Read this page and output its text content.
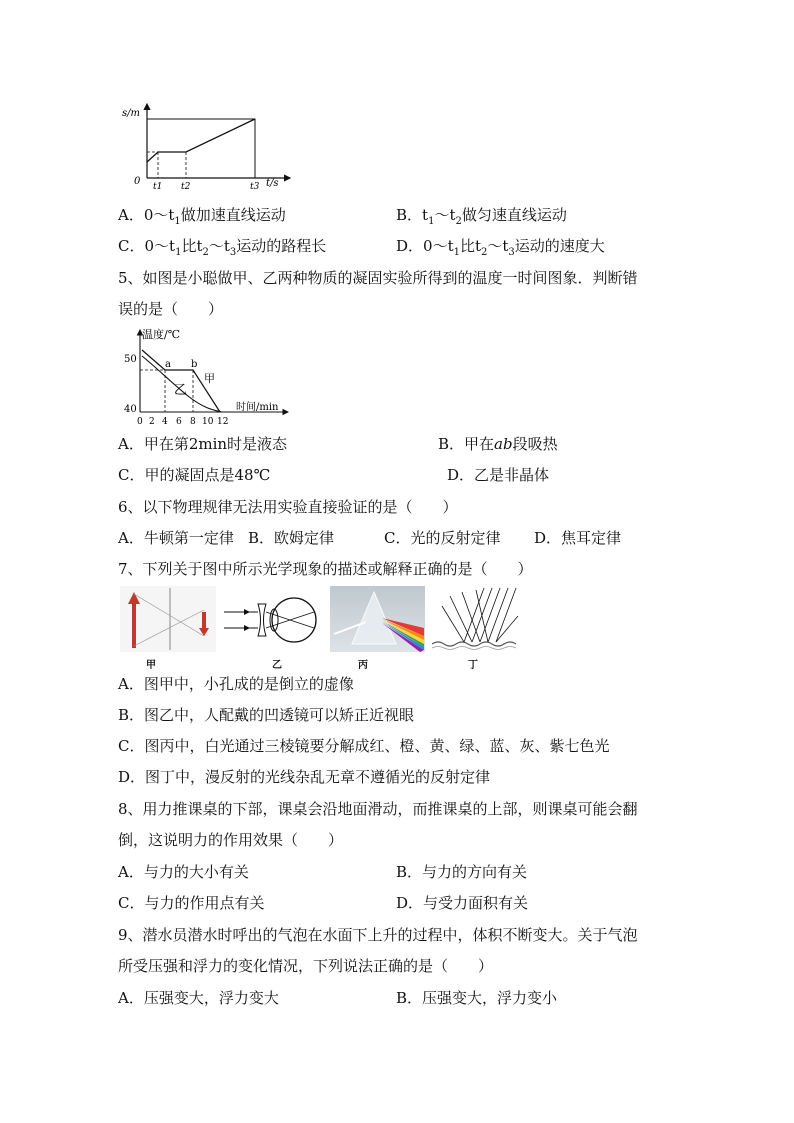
s/m
t/s
0 t1 t2	t3
A．$0\sim t_1$做加速直线运动	B．$t_1\sim t_2$做匀速直线运动
C．$0\sim t_1$比$t_2\sim t_3$运动的路程长	D．$0\sim t_1$比$t_2\sim t_3$运动的速度大
5、如图是小聪做甲、乙两种物质的凝固实验所得到的温度一时间图象．判断错
误的是（　　）
温度/℃
时间/min
50
40
a b
甲
乙
0 2 4 6 8 10 12
A．甲在第2min时是液态	B．甲在ab段吸热
C．甲的凝固点是48℃	D．乙是非晶体
6、以下物理规律无法用实验直接验证的是（　　）
A．牛顿第一定律 B．欧姆定律	C．光的反射定律 D．焦耳定律
7、下列关于图中所示光学现象的描述或解释正确的是（　　）
甲	乙	丙	丁
A．图甲中，小孔成的是倒立的虚像
B．图乙中，人配戴的凹透镜可以矫正近视眼
C．图丙中，白光通过三棱镜要分解成红、橙、黄、绿、蓝、灰、紫七色光
D．图丁中，漫反射的光线杂乱无章不遵循光的反射定律
8、用力推课桌的下部，课桌会沿地面滑动，而推课桌的上部，则课桌可能会翻
倒，这说明力的作用效果（　　）
A．与力的大小有关	B．与力的方向有关
C．与力的作用点有关	D．与受力面积有关
9、潜水员潜水时呼出的气泡在水面下上升的过程中，体积不断变大。关于气泡
所受压强和浮力的变化情况，下列说法正确的是（　　）
A．压强变大，浮力变大	B．压强变大，浮力变小
